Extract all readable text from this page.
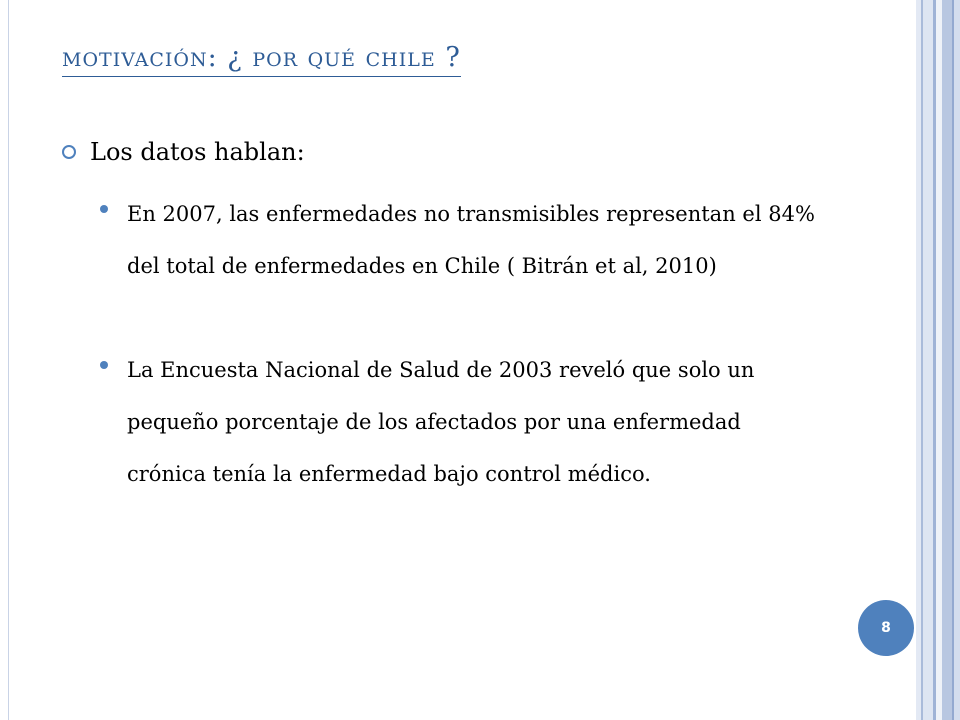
motivación: ¿ por qué chile ?
Los datos hablan:
En 2007, las enfermedades no transmisibles representan el 84% del total de enfermedades en Chile ( Bitrán et al, 2010)
La Encuesta Nacional de Salud de 2003 reveló que solo un pequeño porcentaje de los afectados por una enfermedad crónica tenía la enfermedad bajo control médico.
8
